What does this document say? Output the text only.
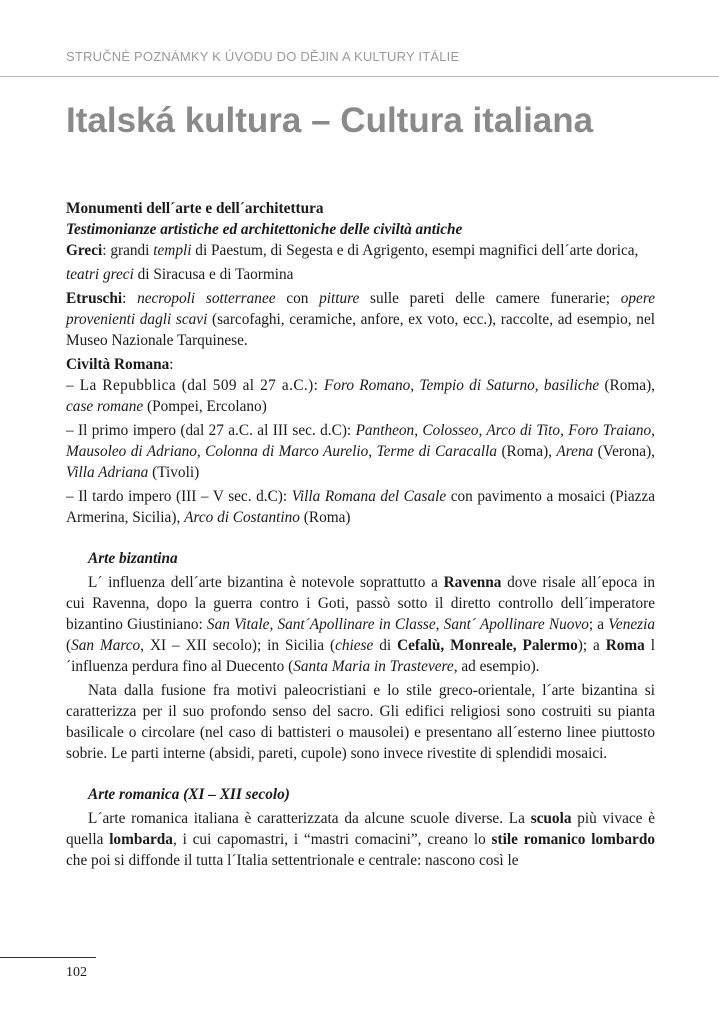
STRUČNÉ POZNÁMKY K ÚVODU DO DĚJIN A KULTURY ITÁLIE
Italská kultura – Cultura italiana

Monumenti dell´arte e dell´architettura

Testimonianze artistiche ed architettoniche delle civiltà antiche

Greci: grandi templi di Paestum, di Segesta e di Agrigento, esempi magnifici dell´arte dorica,

teatri greci di Siracusa e di Taormina

Etruschi: necropoli sotterranee con pitture sulle pareti delle camere funerarie; opere provenienti dagli scavi (sarcofaghi, ceramiche, anfore, ex voto, ecc.), raccolte, ad esempio, nel Museo Nazionale Tarquinese.

Civiltà Romana:

– La Repubblica (dal 509 al 27 a.C.): Foro Romano, Tempio di Saturno, basiliche (Roma), case romane (Pompei, Ercolano)

– Il primo impero (dal 27 a.C. al III sec. d.C): Pantheon, Colosseo, Arco di Tito, Foro Traiano, Mausoleo di Adriano, Colonna di Marco Aurelio, Terme di Caracalla (Roma), Arena (Verona), Villa Adriana (Tivoli)

– Il tardo impero (III – V sec. d.C): Villa Romana del Casale con pavimento a mosaici (Piazza Armerina, Sicilia), Arco di Costantino (Roma)

Arte bizantina

L´ influenza dell´arte bizantina è notevole soprattutto a Ravenna dove risale all´epoca in cui Ravenna, dopo la guerra contro i Goti, passò sotto il diretto controllo dell´imperatore bizantino Giustiniano: San Vitale, Sant´Apollinare in Classe, Sant´ Apollinare Nuovo; a Venezia (San Marco, XI – XII secolo); in Sicilia (chiese di Cefalù, Monreale, Palermo); a Roma l´influenza perdura fino al Duecento (Santa Maria in Trastevere, ad esempio).

Nata dalla fusione fra motivi paleocristiani e lo stile greco-orientale, l´arte bizantina si caratterizza per il suo profondo senso del sacro. Gli edifici religiosi sono costruiti su pianta basilicale o circolare (nel caso di battisteri o mausolei) e presentano all´esterno linee piuttosto sobrie. Le parti interne (absidi, pareti, cupole) sono invece rivestite di splendidi mosaici.

Arte romanica (XI – XII secolo)

L´arte romanica italiana è caratterizzata da alcune scuole diverse. La scuola più vivace è quella lombarda, i cui capomastri, i “mastri comacini”, creano lo stile romanico lombardo che poi si diffonde il tutta l´Italia settentrionale e centrale: nascono così le

102
